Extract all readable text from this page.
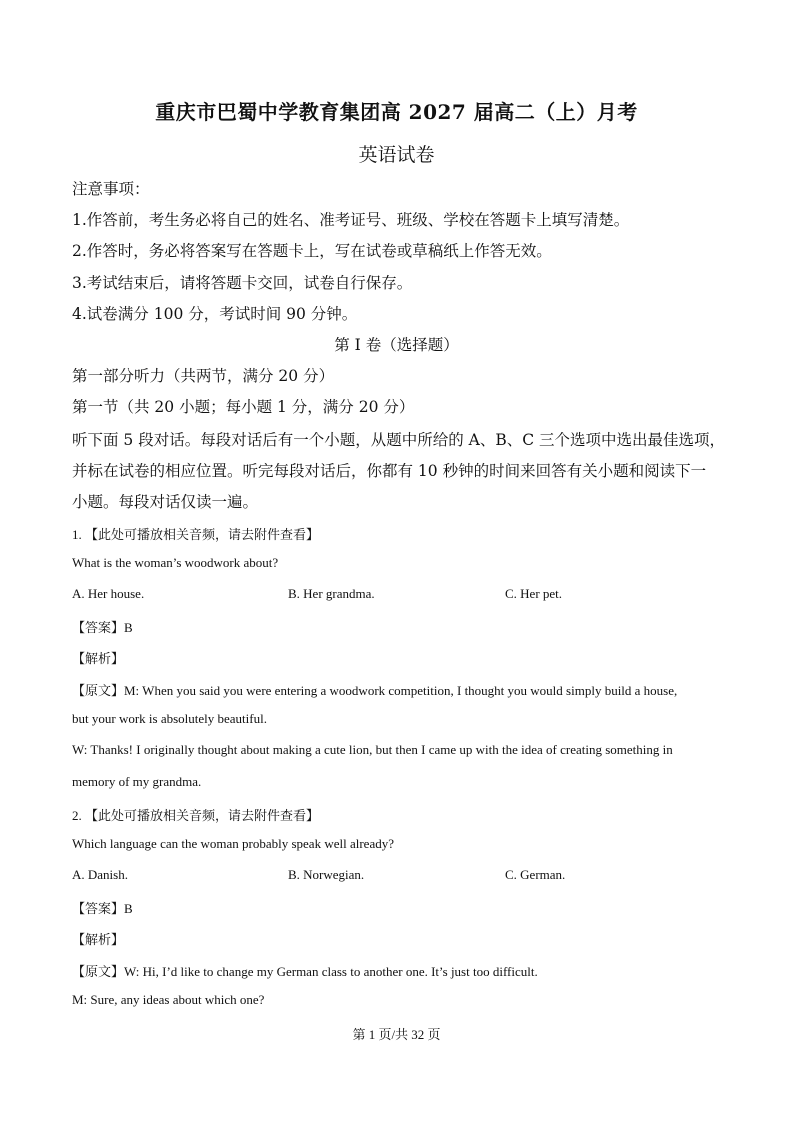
重庆市巴蜀中学教育集团高 2027 届高二（上）月考
英语试卷
注意事项：
1.作答前，考生务必将自己的姓名、准考证号、班级、学校在答题卡上填写清楚。
2.作答时，务必将答案写在答题卡上，写在试卷或草稿纸上作答无效。
3.考试结束后，请将答题卡交回，试卷自行保存。
4.试卷满分 100 分，考试时间 90 分钟。
第 I 卷（选择题）
第一部分听力（共两节，满分 20 分）
第一节（共 20 小题；每小题 1 分，满分 20 分）
听下面 5 段对话。每段对话后有一个小题，从题中所给的 A、B、C 三个选项中选出最佳选项，
并标在试卷的相应位置。听完每段对话后，你都有 10 秒钟的时间来回答有关小题和阅读下一
小题。每段对话仅读一遍。
1. 【此处可播放相关音频，请去附件查看】
What is the woman’s woodwork about?
A. Her house.	B. Her grandma.	C. Her pet.
【答案】B
【解析】
【原文】M: When you said you were entering a woodwork competition, I thought you would simply build a house,
but your work is absolutely beautiful.
W: Thanks! I originally thought about making a cute lion, but then I came up with the idea of creating something in
memory of my grandma.
2. 【此处可播放相关音频，请去附件查看】
Which language can the woman probably speak well already?
A. Danish.	B. Norwegian.	C. German.
【答案】B
【解析】
【原文】W: Hi, I’d like to change my German class to another one. It’s just too difficult.
M: Sure, any ideas about which one?
第 1 页/共 32 页
